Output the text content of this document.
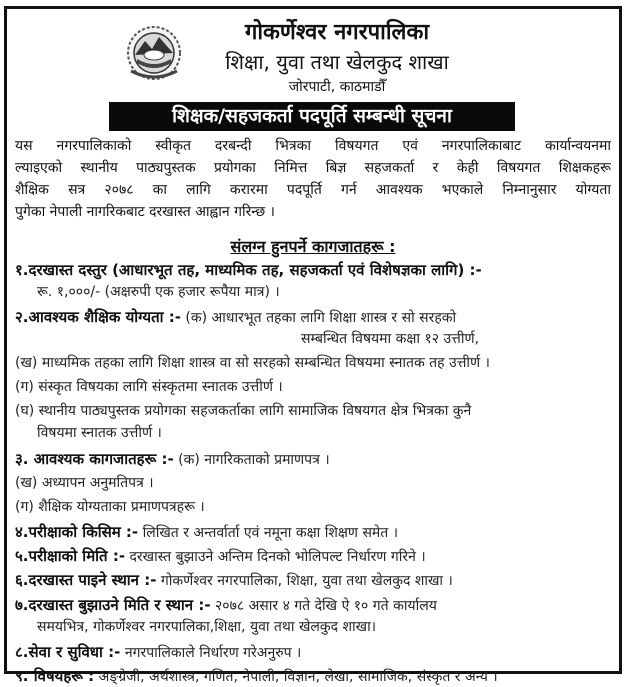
गोकर्णेश्वर नगरपालिका
शिक्षा, युवा तथा खेलकुद शाखा
जोरपाटी, काठमाडौँ
शिक्षक/सहजकर्ता पदपूर्ति सम्बन्धी सूचना
यस नगरपालिकाको स्वीकृत दरबन्दी भित्रका विषयगत एवं नगरपालिकाबाट कार्यान्वयनमा
ल्याइएको स्थानीय पाठ्यपुस्तक प्रयोगका निमित्त बिज्ञ सहजकर्ता र केही विषयगत शिक्षकहरू
शैक्षिक सत्र २०७८ का लागि करारमा पदपूर्ति गर्न आवश्यक भएकाले निम्नानुसार योग्यता
पुगेका नेपाली नागरिकबाट दरखास्त आह्वान गरिन्छ ।
संलग्न हुनपर्ने कागजातहरू :
१.दरखास्त दस्तुर (आधारभूत तह, माध्यमिक तह, सहजकर्ता एवं विशेषज्ञका लागि) :-
रू. १,०००/- (अक्षरुपी एक हजार रूपैया मात्र) ।
२.आवश्यक शैक्षिक योग्यता :- (क) आधारभूत तहका लागि शिक्षा शास्त्र र सो सरहको
सम्बन्धित विषयमा कक्षा १२ उत्तीर्ण,
(ख) माध्यमिक तहका लागि शिक्षा शास्त्र वा सो सरहको सम्बन्धित विषयमा स्नातक तह उत्तीर्ण ।
(ग) संस्कृत विषयका लागि संस्कृतमा स्नातक उत्तीर्ण ।
(घ) स्थानीय पाठ्यपुस्तक प्रयोगका सहजकर्ताका लागि सामाजिक विषयगत क्षेत्र भित्रका कुनै
विषयमा स्नातक उत्तीर्ण ।
३. आवश्यक कागजातहरू :- (क) नागरिकताको प्रमाणपत्र ।
(ख) अध्यापन अनुमतिपत्र ।
(ग) शैक्षिक योग्यताका प्रमाणपत्रहरू ।
४.परीक्षाको किसिम :- लिखित र अन्तर्वार्ता एवं नमूना कक्षा शिक्षण समेत ।
५.परीक्षाको मिति :- दरखास्त बुझाउने अन्तिम दिनको भोलिपल्ट निर्धारण गरिने ।
६.दरखास्त पाइने स्थान :- गोकर्णेश्वर नगरपालिका, शिक्षा, युवा तथा खेलकुद शाखा ।
७.दरखास्त बुझाउने मिति र स्थान :- २०७८ असार ४ गते देखि ऐ १० गते कार्यालय
समयभित्र, गोकर्णेश्वर नगरपालिका,शिक्षा, युवा तथा खेलकुद शाखा।
८.सेवा र सुविधा :- नगरपालिकाले निर्धारण गरेअनुरुप ।
९. विषयहरू : अङ्ग्रेजी, अर्थशास्त्र, गणित, नेपाली, विज्ञान, लेखा, सामाजिक, संस्कृत र अन्य ।
